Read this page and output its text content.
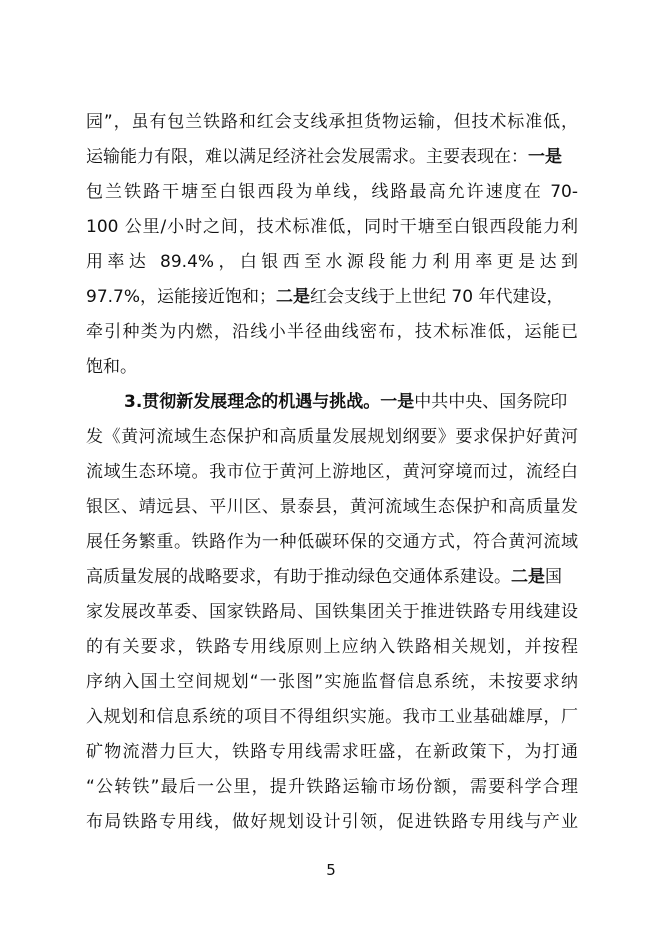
园”，虽有包兰铁路和红会支线承担货物运输，但技术标准低，
运输能力有限，难以满足经济社会发展需求。主要表现在：一是
包兰铁路干塘至白银西段为单线，线路最高允许速度在 70-
100 公里/小时之间，技术标准低，同时干塘至白银西段能力利
用率达 89.4%，白银西至水源段能力利用率更是达到
97.7%，运能接近饱和；二是红会支线于上世纪 70 年代建设，
牵引种类为内燃，沿线小半径曲线密布，技术标准低，运能已
饱和。
3.贯彻新发展理念的机遇与挑战。一是中共中央、国务院印
发《黄河流域生态保护和高质量发展规划纲要》要求保护好黄河
流域生态环境。我市位于黄河上游地区，黄河穿境而过，流经白
银区、靖远县、平川区、景泰县，黄河流域生态保护和高质量发
展任务繁重。铁路作为一种低碳环保的交通方式，符合黄河流域
高质量发展的战略要求，有助于推动绿色交通体系建设。二是国
家发展改革委、国家铁路局、国铁集团关于推进铁路专用线建设
的有关要求，铁路专用线原则上应纳入铁路相关规划，并按程
序纳入国土空间规划“一张图”实施监督信息系统，未按要求纳
入规划和信息系统的项目不得组织实施。我市工业基础雄厚，厂
矿物流潜力巨大，铁路专用线需求旺盛，在新政策下，为打通
“公转铁”最后一公里，提升铁路运输市场份额，需要科学合理
布局铁路专用线，做好规划设计引领，促进铁路专用线与产业
5
